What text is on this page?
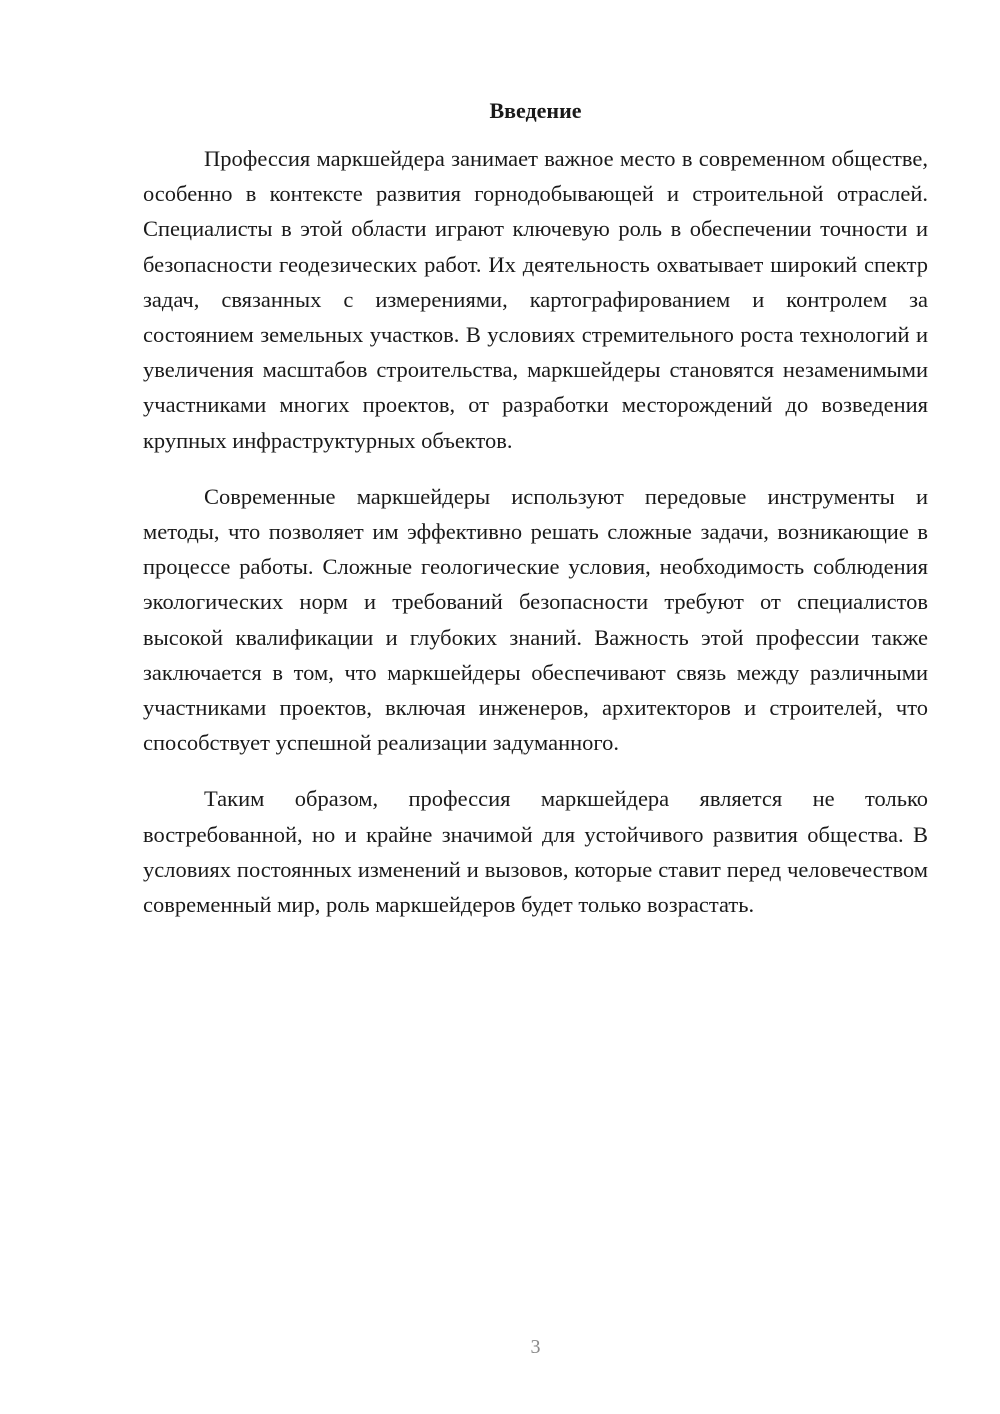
Введение

Профессия маркшейдера занимает важное место в современном обществе, особенно в контексте развития горнодобывающей и строительной отраслей. Специалисты в этой области играют ключевую роль в обеспечении точности и безопасности геодезических работ. Их деятельность охватывает широкий спектр задач, связанных с измерениями, картографированием и контролем за состоянием земельных участков. В условиях стремительного роста технологий и увеличения масштабов строительства, маркшейдеры становятся незаменимыми участниками многих проектов, от разработки месторождений до возведения крупных инфраструктурных объектов.

Современные маркшейдеры используют передовые инструменты и методы, что позволяет им эффективно решать сложные задачи, возникающие в процессе работы. Сложные геологические условия, необходимость соблюдения экологических норм и требований безопасности требуют от специалистов высокой квалификации и глубоких знаний. Важность этой профессии также заключается в том, что маркшейдеры обеспечивают связь между различными участниками проектов, включая инженеров, архитекторов и строителей, что способствует успешной реализации задуманного.

Таким образом, профессия маркшейдера является не только востребованной, но и крайне значимой для устойчивого развития общества. В условиях постоянных изменений и вызовов, которые ставит перед человечеством современный мир, роль маркшейдеров будет только возрастать.

3
